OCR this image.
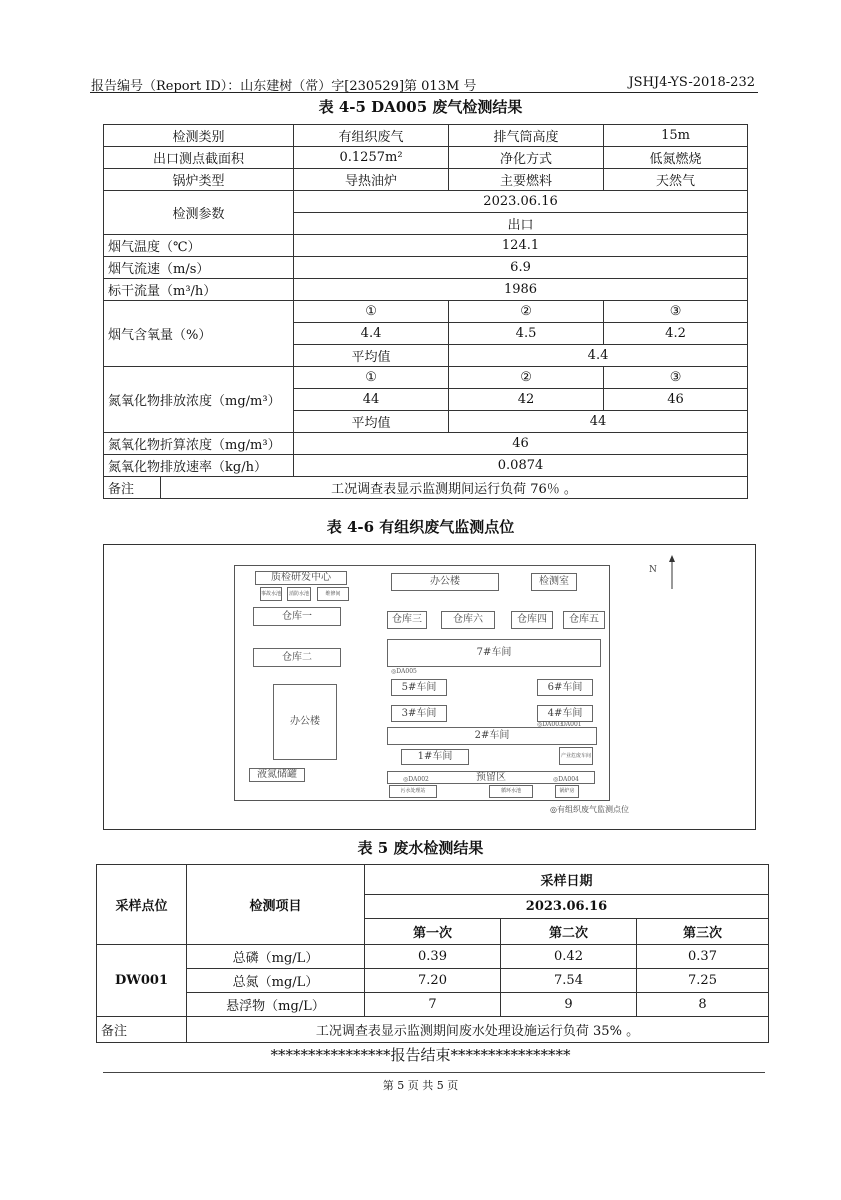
报告编号（Report ID）：山东建树（常）字[230529]第 013M 号	JSHJ4-YS-2018-232
表 4-5 DA005 废气检测结果
检测类别		有组织废气	排气筒高度	15m
出口测点截面积		0.1257m²	净化方式	低氮燃烧
锅炉类型		导热油炉	主要燃料	天然气
检测参数		2023.06.16		
		出口		
烟气温度（℃）		124.1		
烟气流速（m/s）		6.9		
标干流量（m³/h）		1986		
烟气含氧量（%）		①	②	③
		4.4	4.5	4.2
		平均值	4.4	
氮氧化物排放浓度（mg/m³）		①	②	③
		44	42	46
		平均值	44	
氮氧化物折算浓度（mg/m³）		46		
氮氧化物排放速率（kg/h）		0.0874		
备注	工况调查表显示监测期间运行负荷 76％ 。			
表 4-6 有组织废气监测点位
质检研发中心
事故水池	消防水池	维修间
办公楼	检测室
仓库一	仓库三	仓库六	仓库四	仓库五
仓库二	7#车间
◎DA005
5#车间	6#车间
办公楼
3#车间	4#车间
◎DA003
DA001
2#车间
1#车间	产业危废车间
液氮储罐	预留区
◎DA002	◎DA004
污水处理站	循环水池	锅炉房
N
◎有组织废气监测点位
表 5 废水检测结果
采样点位	检测项目	采样日期		
		2023.06.16		
		第一次	第二次	第三次
DW001	总磷（mg/L）	0.39	0.42	0.37
	总氮（mg/L）	7.20	7.54	7.25
	悬浮物（mg/L）	7	9	8
备注	工况调查表显示监测期间废水处理设施运行负荷 35% 。			
****************报告结束****************
第 5 页 共 5 页
